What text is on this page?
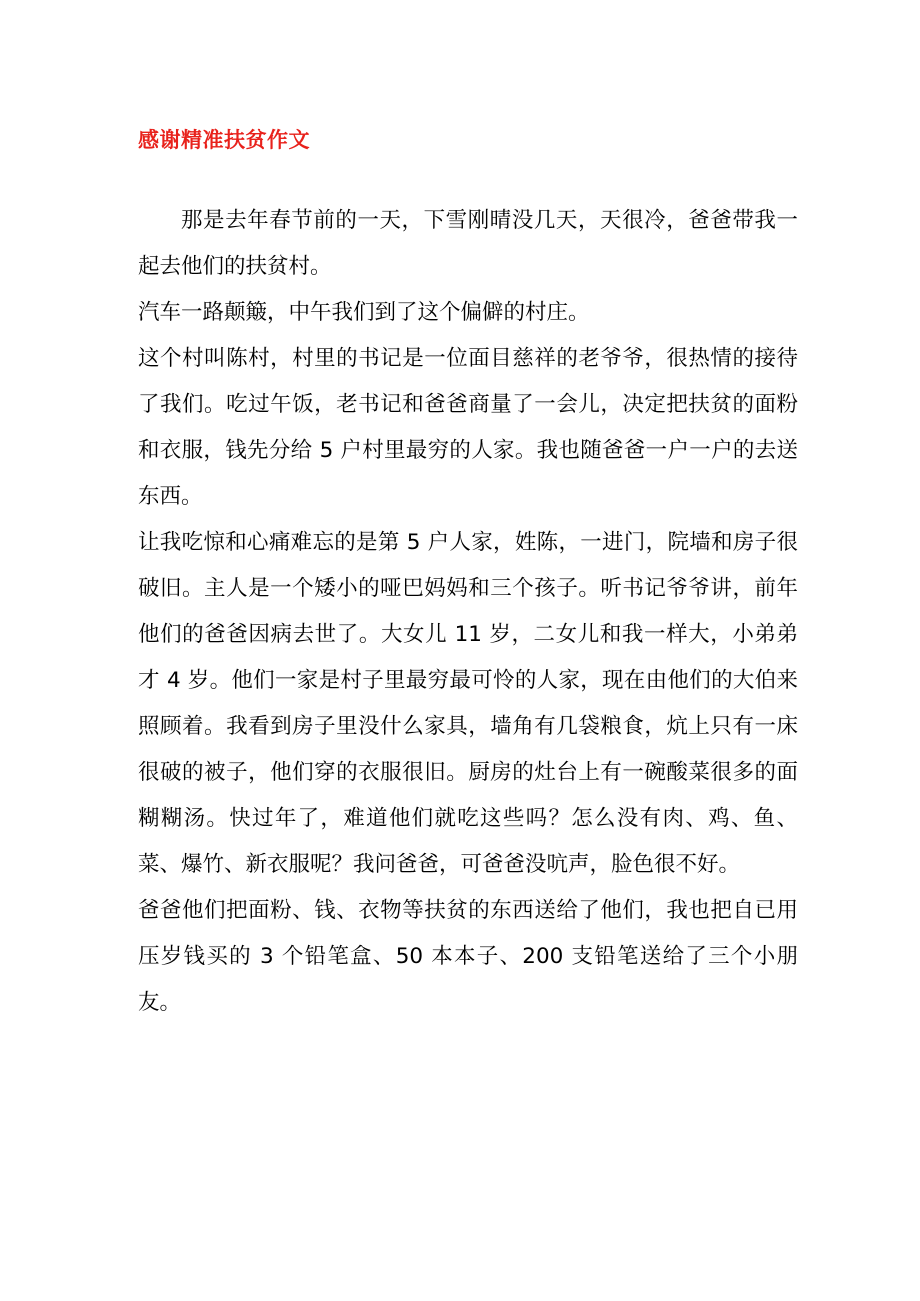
感谢精准扶贫作文

那是去年春节前的一天，下雪刚晴没几天，天很冷，爸爸带我一起去他们的扶贫村。

汽车一路颠簸，中午我们到了这个偏僻的村庄。

这个村叫陈村，村里的书记是一位面目慈祥的老爷爷，很热情的接待了我们。吃过午饭，老书记和爸爸商量了一会儿，决定把扶贫的面粉和衣服，钱先分给 5 户村里最穷的人家。我也随爸爸一户一户的去送东西。

让我吃惊和心痛难忘的是第 5 户人家，姓陈，一进门，院墙和房子很破旧。主人是一个矮小的哑巴妈妈和三个孩子。听书记爷爷讲，前年他们的爸爸因病去世了。大女儿 11 岁，二女儿和我一样大，小弟弟才 4 岁。他们一家是村子里最穷最可怜的人家，现在由他们的大伯来照顾着。我看到房子里没什么家具，墙角有几袋粮食，炕上只有一床很破的被子，他们穿的衣服很旧。厨房的灶台上有一碗酸菜很多的面糊糊汤。快过年了，难道他们就吃这些吗？怎么没有肉、鸡、鱼、菜、爆竹、新衣服呢？我问爸爸，可爸爸没吭声，脸色很不好。

爸爸他们把面粉、钱、衣物等扶贫的东西送给了他们，我也把自已用压岁钱买的 3 个铅笔盒、50 本本子、200 支铅笔送给了三个小朋友。
